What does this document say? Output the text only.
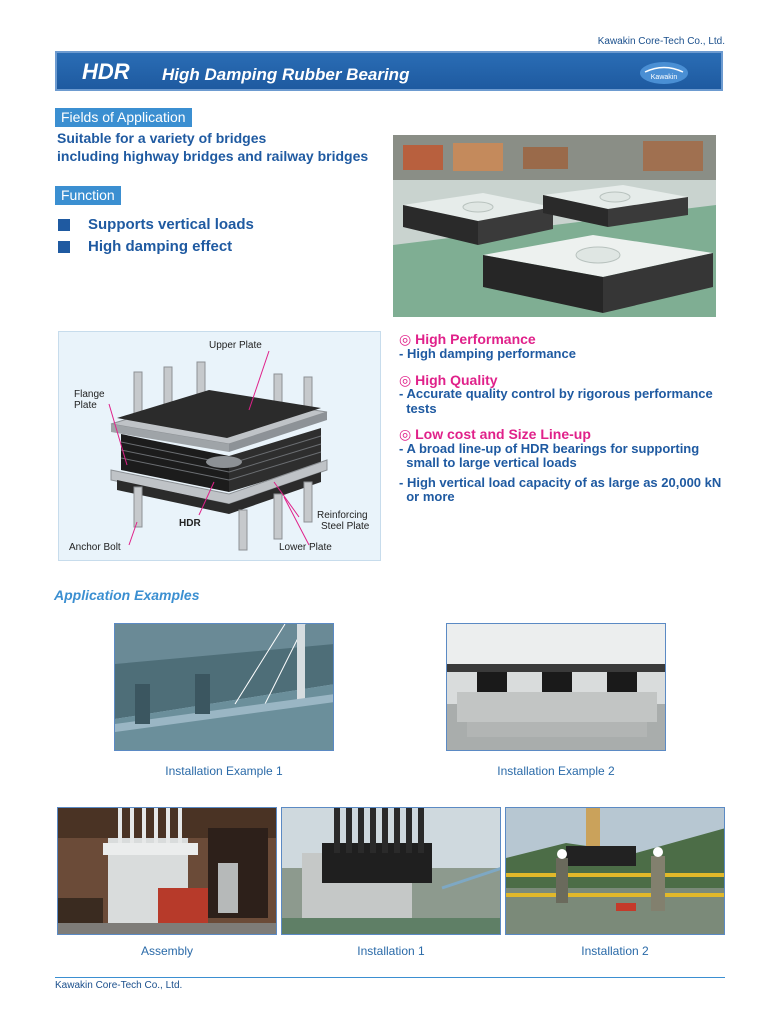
Kawakin Core-Tech Co., Ltd.
HDR High Damping Rubber Bearing	Kawakin
Fields of Application
Suitable for a variety of bridges
including highway bridges and railway bridges
Function
Supports vertical loads
High damping effect
Upper Plate
Flange
Plate
HDR
Reinforcing
Steel Plate
Anchor Bolt	Lower Plate
◎ High Performance
- High damping performance
◎ High Quality
- Accurate quality control by rigorous performance
tests
◎ Low cost and Size Line-up
- A broad line-up of HDR bearings for supporting
small to large vertical loads
- High vertical load capacity of as large as 20,000 kN
or more
Application Examples
Installation Example 1	Installation Example 2
Assembly	Installation 1	Installation 2
Kawakin Core-Tech Co., Ltd.
